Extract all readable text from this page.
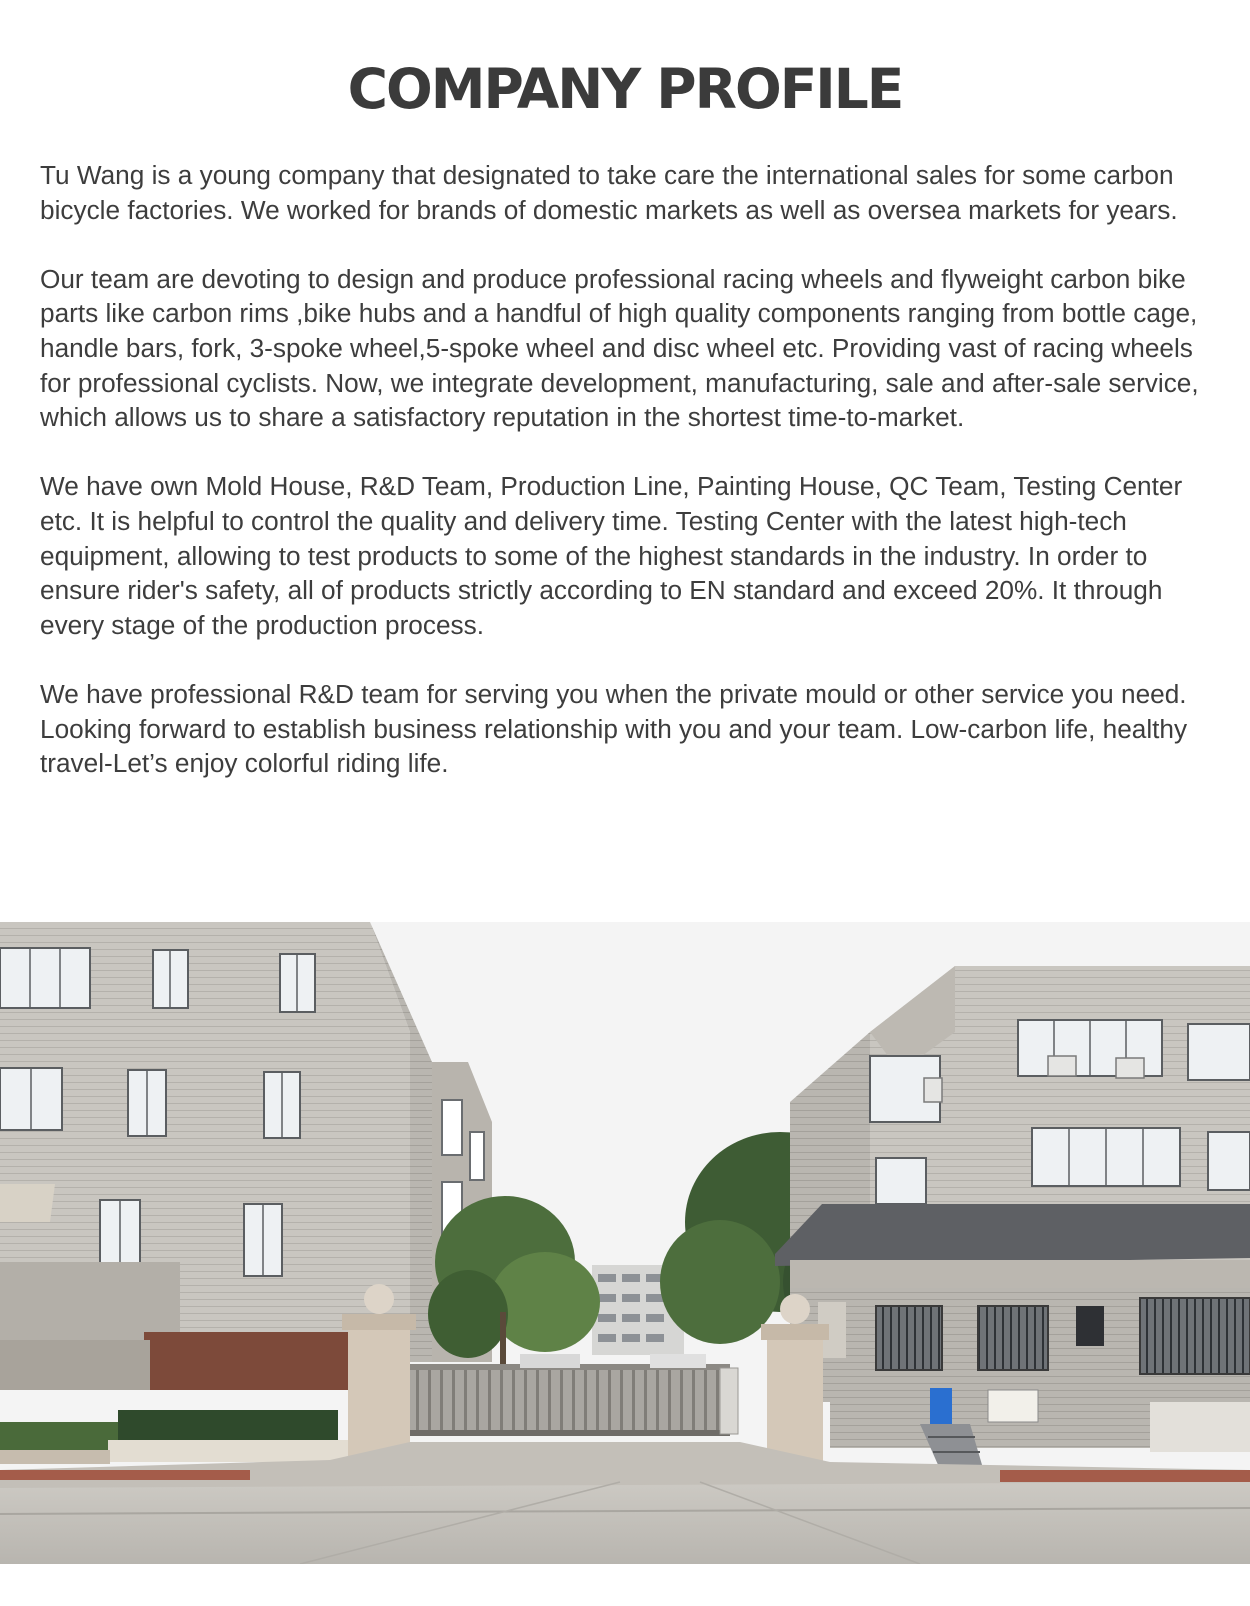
COMPANY PROFILE

Tu Wang is a young company that designated to take care the international sales for some carbon bicycle factories. We worked for brands of domestic markets as well as oversea markets for years.

Our team are devoting to design and produce professional racing wheels and flyweight carbon bike parts like carbon rims ,bike hubs and a handful of high quality components ranging from bottle cage, handle bars, fork, 3-spoke wheel,5-spoke wheel and disc wheel etc. Providing vast of racing wheels for professional cyclists. Now, we integrate development, manufacturing, sale and after-sale service, which allows us to share a satisfactory reputation in the shortest time-to-market.

We have own Mold House, R&D Team, Production Line, Painting House, QC Team, Testing Center etc. It is helpful to control the quality and delivery time. Testing Center with the latest high-tech equipment, allowing to test products to some of the highest standards in the industry. In order to ensure rider's safety, all of products strictly according to EN standard and exceed 20%. It through every stage of the production process.

We have professional R&D team for serving you when the private mould or other service you need. Looking forward to establish business relationship with you and your team. Low-carbon life, healthy travel-Let’s enjoy colorful riding life.
